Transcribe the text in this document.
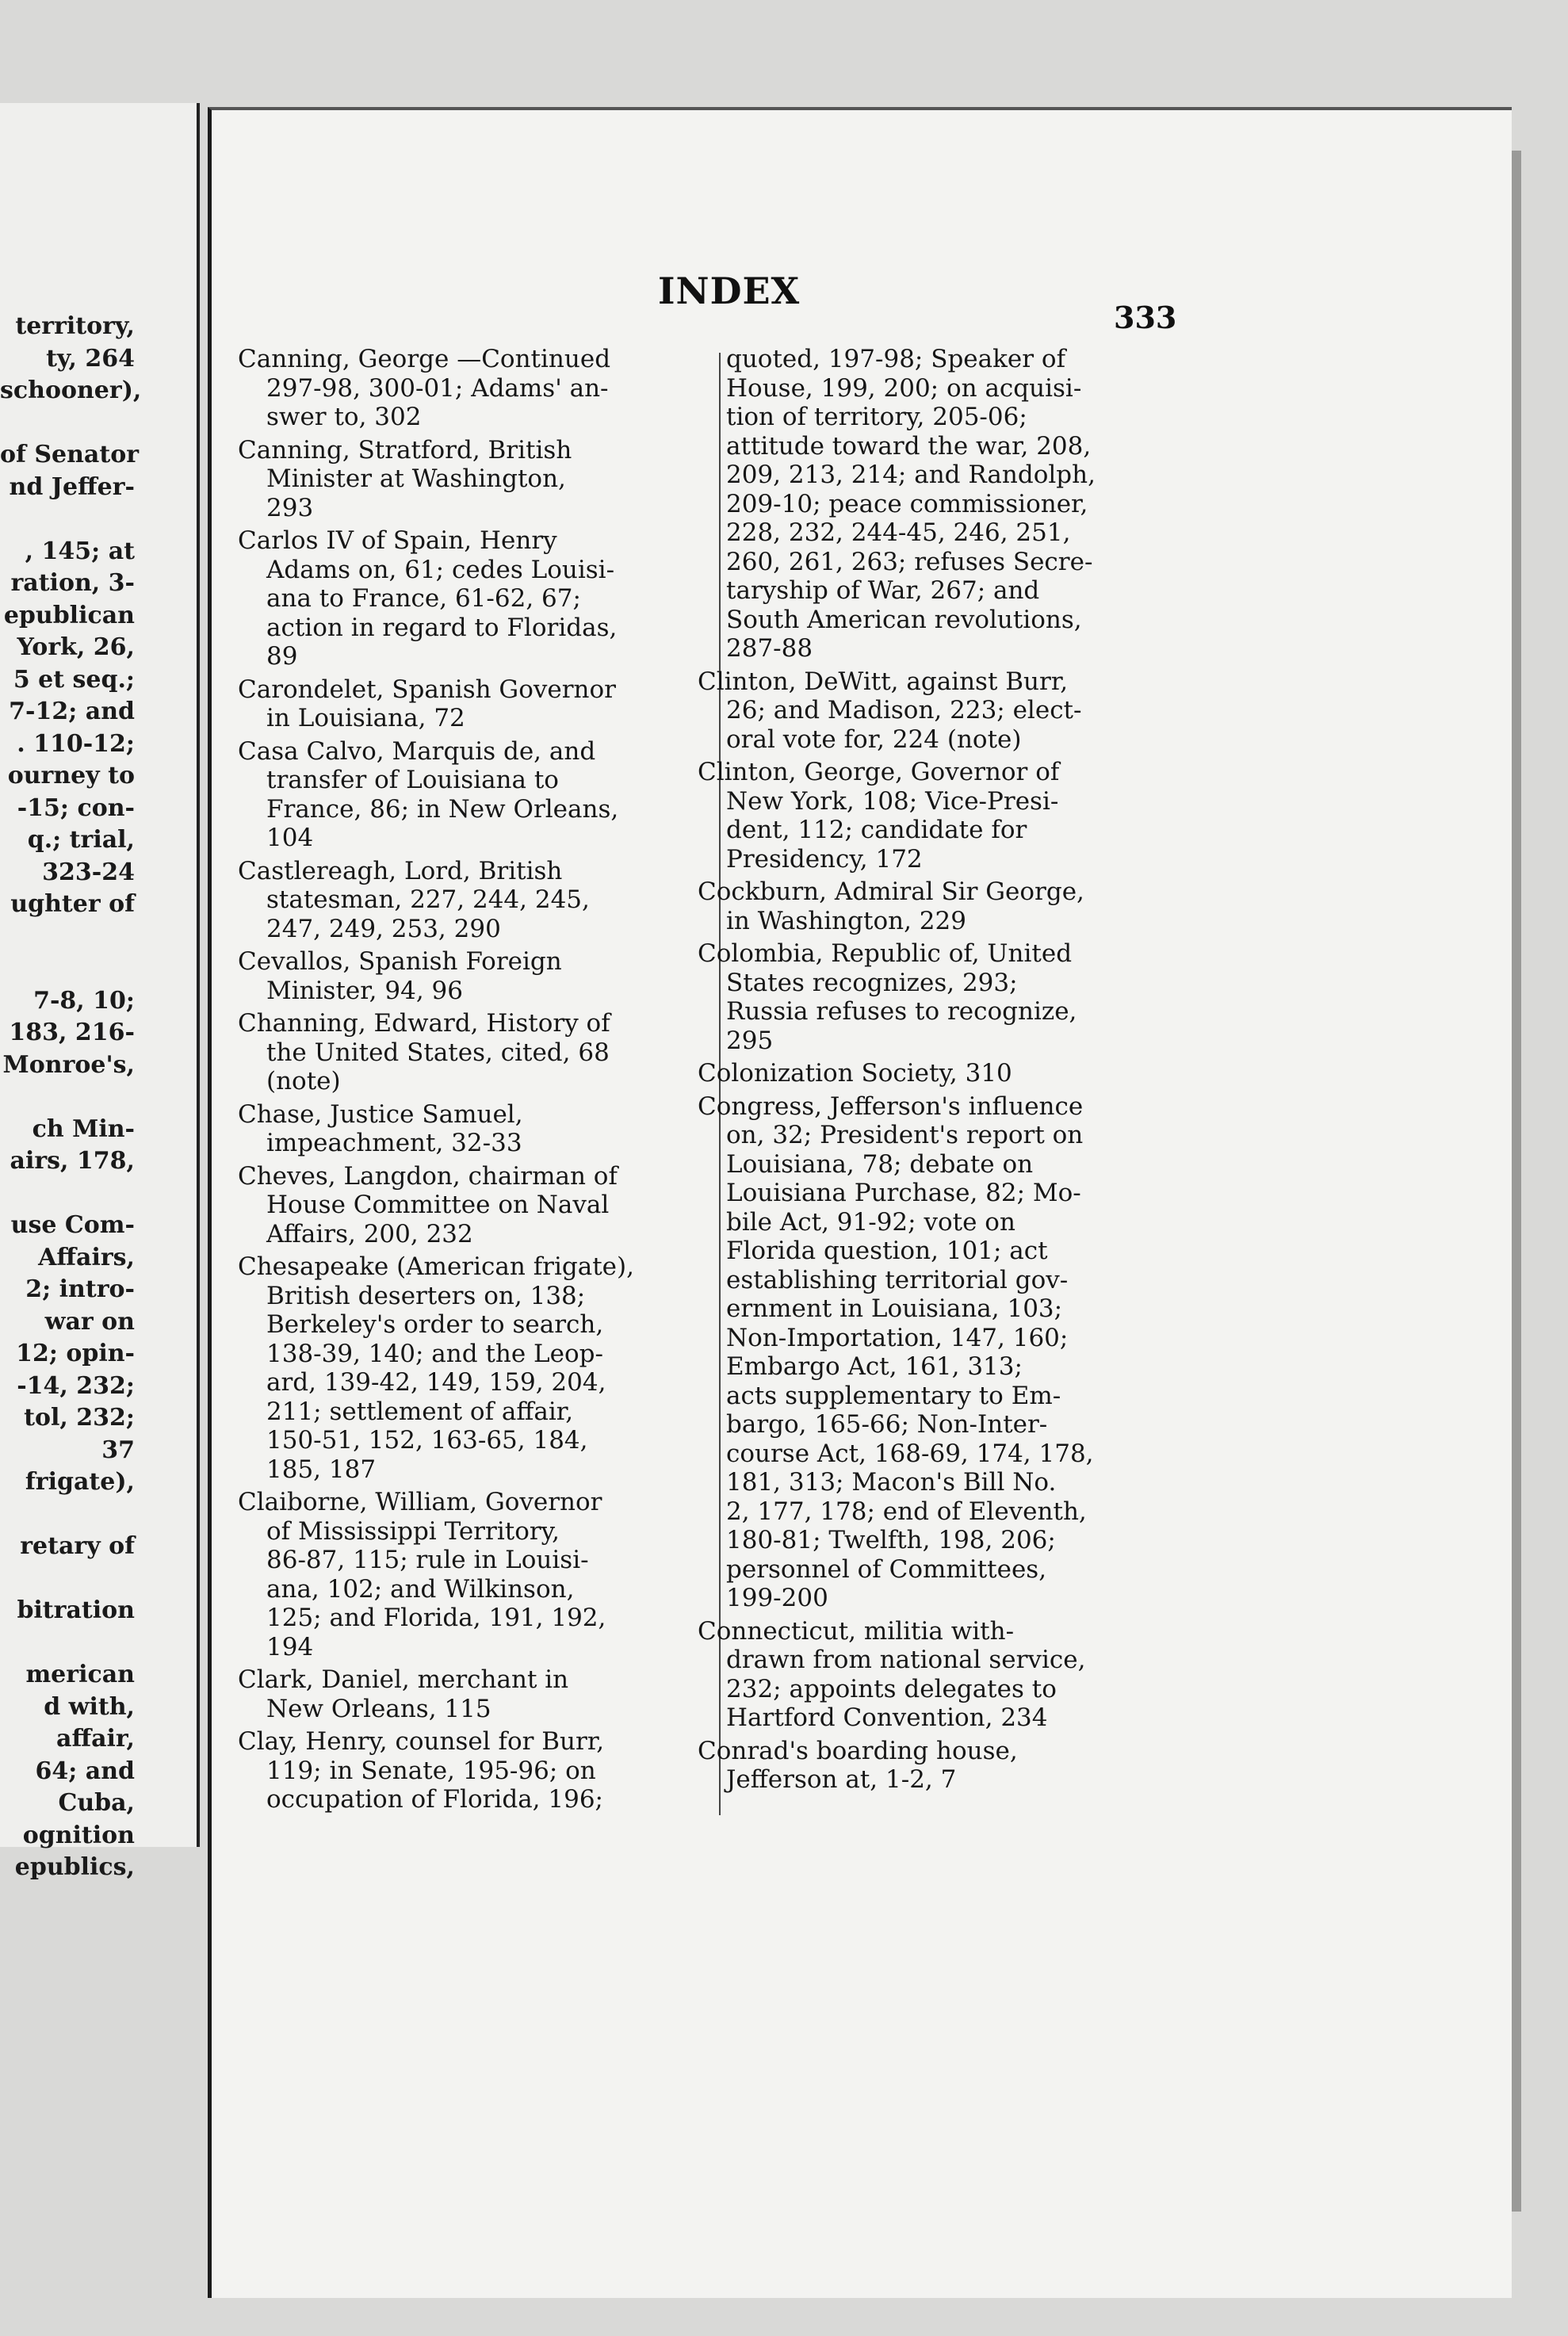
territory,
ty, 264
schooner),
of Senator
nd Jeffer-
, 145; at
ration, 3-
epublican
York, 26,
5 et seq.;
7-12; and
. 110-12;
ourney to
-15; con-
q.; trial,
323-24
ughter of
7-8, 10;
183, 216-
Monroe's,
ch Min-
airs, 178,
use Com-
Affairs,
2; intro-
war on
12; opin-
-14, 232;
tol, 232;
37
frigate),
retary of
bitration
merican
d with,
affair,
64; and
Cuba,
ognition
epublics,
INDEX
333
Canning, George —Continued
297-98, 300-01; Adams' an-
swer to, 302
Canning, Stratford, British
Minister at Washington,
293
Carlos IV of Spain, Henry
Adams on, 61; cedes Louisi-
ana to France, 61-62, 67;
action in regard to Floridas,
89
Carondelet, Spanish Governor
in Louisiana, 72
Casa Calvo, Marquis de, and
transfer of Louisiana to
France, 86; in New Orleans,
104
Castlereagh, Lord, British
statesman, 227, 244, 245,
247, 249, 253, 290
Cevallos, Spanish Foreign
Minister, 94, 96
Channing, Edward, History of
the United States, cited, 68
(note)
Chase, Justice Samuel,
impeachment, 32-33
Cheves, Langdon, chairman of
House Committee on Naval
Affairs, 200, 232
Chesapeake (American frigate),
British deserters on, 138;
Berkeley's order to search,
138-39, 140; and the Leop-
ard, 139-42, 149, 159, 204,
211; settlement of affair,
150-51, 152, 163-65, 184,
185, 187
Claiborne, William, Governor
of Mississippi Territory,
86-87, 115; rule in Louisi-
ana, 102; and Wilkinson,
125; and Florida, 191, 192,
194
Clark, Daniel, merchant in
New Orleans, 115
Clay, Henry, counsel for Burr,
119; in Senate, 195-96; on
occupation of Florida, 196;
quoted, 197-98; Speaker of
House, 199, 200; on acquisi-
tion of territory, 205-06;
attitude toward the war, 208,
209, 213, 214; and Randolph,
209-10; peace commissioner,
228, 232, 244-45, 246, 251,
260, 261, 263; refuses Secre-
taryship of War, 267; and
South American revolutions,
287-88
Clinton, DeWitt, against Burr,
26; and Madison, 223; elect-
oral vote for, 224 (note)
Clinton, George, Governor of
New York, 108; Vice-Presi-
dent, 112; candidate for
Presidency, 172
Cockburn, Admiral Sir George,
in Washington, 229
Colombia, Republic of, United
States recognizes, 293;
Russia refuses to recognize,
295
Colonization Society, 310
Congress, Jefferson's influence
on, 32; President's report on
Louisiana, 78; debate on
Louisiana Purchase, 82; Mo-
bile Act, 91-92; vote on
Florida question, 101; act
establishing territorial gov-
ernment in Louisiana, 103;
Non-Importation, 147, 160;
Embargo Act, 161, 313;
acts supplementary to Em-
bargo, 165-66; Non-Inter-
course Act, 168-69, 174, 178,
181, 313; Macon's Bill No.
2, 177, 178; end of Eleventh,
180-81; Twelfth, 198, 206;
personnel of Committees,
199-200
Connecticut, militia with-
drawn from national service,
232; appoints delegates to
Hartford Convention, 234
Conrad's boarding house,
Jefferson at, 1-2, 7
